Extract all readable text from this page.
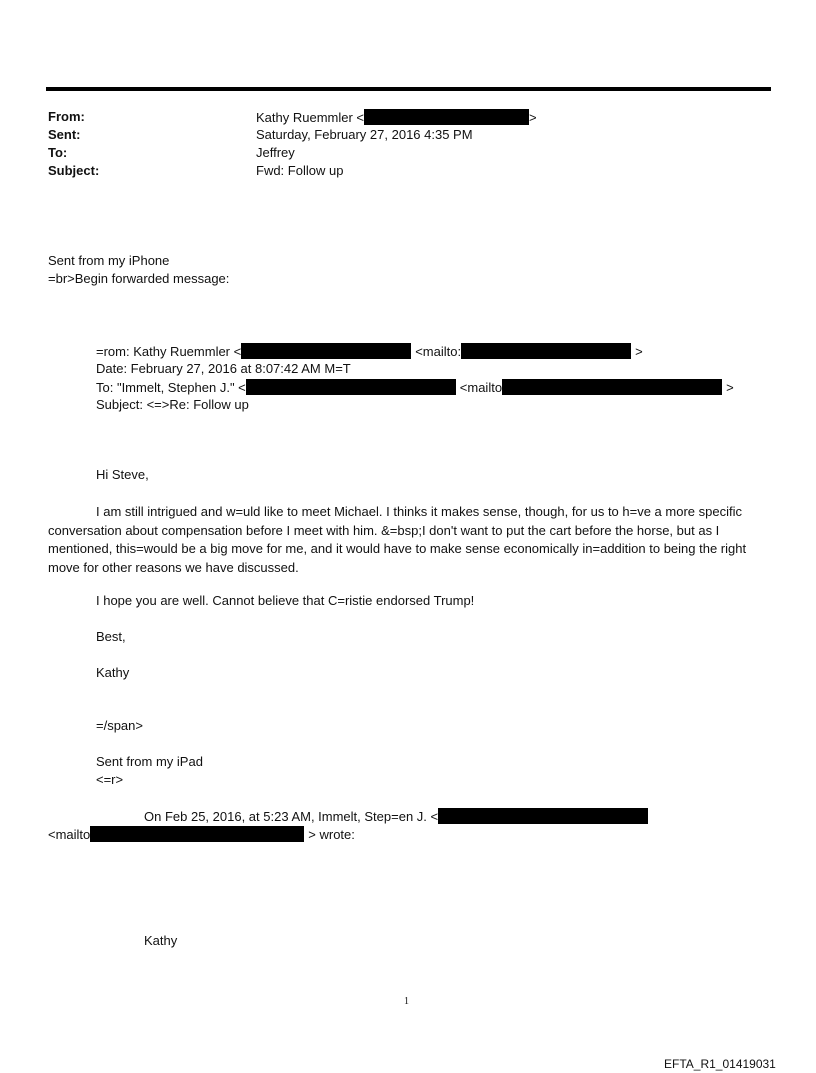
From:	Kathy Ruemmler <	>
Sent:	Saturday, February 27, 2016 4:35 PM
To:	Jeffrey
Subject:	Fwd: Follow up
Sent from my iPhone
=br>Begin forwarded message:
=rom: Kathy Ruemmler <	<mailto:	>
Date: February 27, 2016 at 8:07:42 AM M=T
To: "Immelt, Stephen J." <	<mailto	>
Subject: <=>Re: Follow up
Hi Steve,
I am still intrigued and w=uld like to meet Michael. I thinks it makes sense, though, for us to h=ve a more specific conversation about compensation before I meet with him. &=bsp;I don't want to put the cart before the horse, but as I mentioned, this=would be a big move for me, and it would have to make sense economically in=addition to being the right move for other reasons we have discussed.
I hope you are well. Cannot believe that C=ristie endorsed Trump!
Best,
Kathy
=/span>
Sent from my iPad
<=r>
On Feb 25, 2016, at 5:23 AM, Immelt, Step=en J. <
<mailto	> wrote:
Kathy
1
EFTA_R1_01419031
